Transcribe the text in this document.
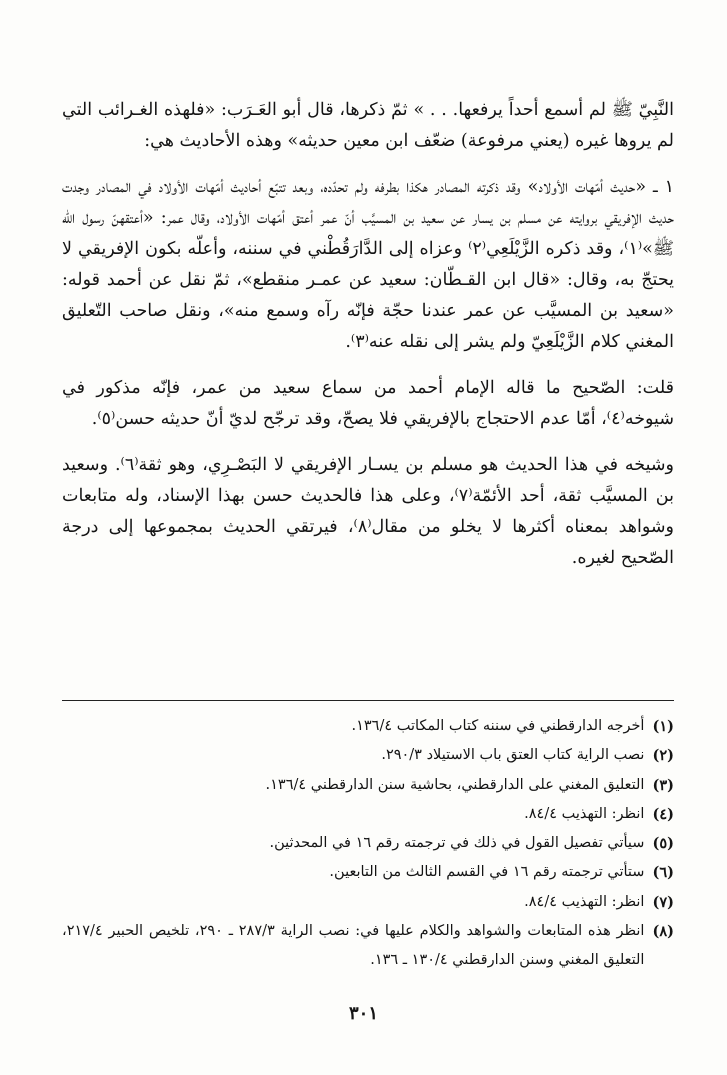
النَّبِيّ ﷺ لم أسمع أحداً يرفعها. . . » ثمّ ذكرها، قال أبو العَـرَب: «فلهذه الغـرائب التي لم يروها غيره (يعني مرفوعة) ضعّف ابن معين حديثه» وهذه الأحاديث هي:

١ ــ «حديث أمّهات الأولاد» وقد ذكرته المصادر هكذا بطرفه ولم تحدّده، وبعد تتبّع أحاديث أمّهات الأولاد في المصادر وجدت حديث الإفريقي بروايته عن مسلم بن يسار عن سعيد بن المسيَّب أنّ عمر أعتق أمّهات الأولاد، وقال عمر: «أعتقهنّ رسول الله ﷺ»⁽١⁾، وقد ذكره الزَّيْلَعِي⁽٢⁾ وعزاه إلى الدَّارَقُطْني في سننه، وأعلّه بكون الإفريقي لا يحتجّ به، وقال: «قال ابن القـطّان: سعيد عن عمـر منقطع»، ثمّ نقل عن أحمد قوله: «سعيد بن المسيَّب عن عمر عندنا حجّة فإنّه رآه وسمع منه»، ونقل صاحب التّعليق المغني كلام الزَّيْلَعِيّ ولم يشر إلى نقله عنه⁽٣⁾.

قلت: الصّحيح ما قاله الإمام أحمد من سماع سعيد من عمر، فإنّه مذكور في شيوخه⁽٤⁾، أمّا عدم الاحتجاج بالإفريقي فلا يصحّ، وقد ترجّح لديّ أنّ حديثه حسن⁽٥⁾.

وشيخه في هذا الحديث هو مسلم بن يسـار الإفريقي لا البَصْـرِي، وهو ثقة⁽٦⁾. وسعيد بن المسيَّب ثقة، أحد الأئمّة⁽٧⁾، وعلى هذا فالحديث حسن بهذا الإسناد، وله متابعات وشواهد بمعناه أكثرها لا يخلو من مقال⁽٨⁾، فيرتقي الحديث بمجموعها إلى درجة الصّحيح لغيره.

(١)
أخرجه الدارقطني في سننه كتاب المكاتب ١٣٦/٤.
(٢)
نصب الراية كتاب العتق باب الاستيلاد ٢٩٠/٣.
(٣)
التعليق المغني على الدارقطني، بحاشية سنن الدارقطني ١٣٦/٤.
(٤)
انظر: التهذيب ٨٤/٤.
(٥)
سيأتي تفصيل القول في ذلك في ترجمته رقم ١٦ في المحدثين.
(٦)
ستأتي ترجمته رقم ١٦ في القسم الثالث من التابعين.
(٧)
انظر: التهذيب ٨٤/٤.
(٨)
انظر هذه المتابعات والشواهد والكلام عليها في: نصب الراية ٢٨٧/٣ ـ ٢٩٠، تلخيص الحبير ٢١٧/٤، التعليق المغني وسنن الدارقطني ١٣٠/٤ ـ ١٣٦.
٣٠١
